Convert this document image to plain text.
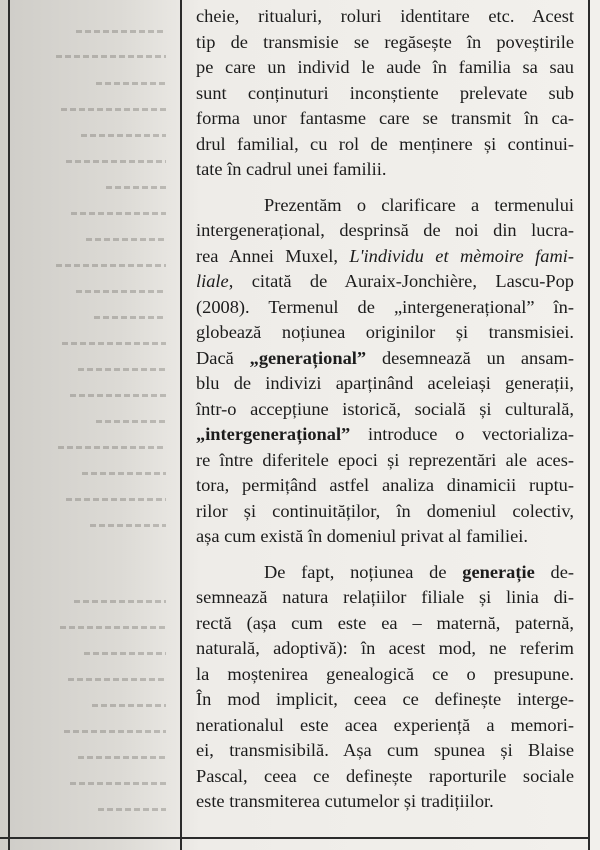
cheie, ritualuri, roluri identitare etc. Acest
tip de transmisie se regăsește în poveștirile
pe care un individ le aude în familia sa sau
sunt conținuturi inconștiente prelevate sub
forma unor fantasme care se transmit în ca-
drul familial, cu rol de menținere și continui-
tate în cadrul unei familii.
Prezentăm o clarificare a termenului
intergenerațional, desprinsă de noi din lucra-
rea Annei Muxel, L'individu et mèmoire fami-
liale, citată de Auraix-Jonchière, Lascu-Pop
(2008). Termenul de „intergenerațional” în-
globează noțiunea originilor și transmisiei.
Dacă „generațional” desemnează un ansam-
blu de indivizi aparținând aceleiași generații,
într-o accepțiune istorică, socială și culturală,
„intergenerațional” introduce o vectorializa-
re între diferitele epoci și reprezentări ale aces-
tora, permițând astfel analiza dinamicii ruptu-
rilor și continuităților, în domeniul colectiv,
așa cum există în domeniul privat al familiei.
De fapt, noțiunea de generație de-
semnează natura relațiilor filiale și linia di-
rectă (așa cum este ea – maternă, paternă,
naturală, adoptivă): în acest mod, ne referim
la moștenirea genealogică ce o presupune.
În mod implicit, ceea ce definește interge-
nerationalul este acea experiență a memori-
ei, transmisibilă. Așa cum spunea și Blaise
Pascal, ceea ce definește raporturile sociale
este transmiterea cutumelor și tradițiilor.
